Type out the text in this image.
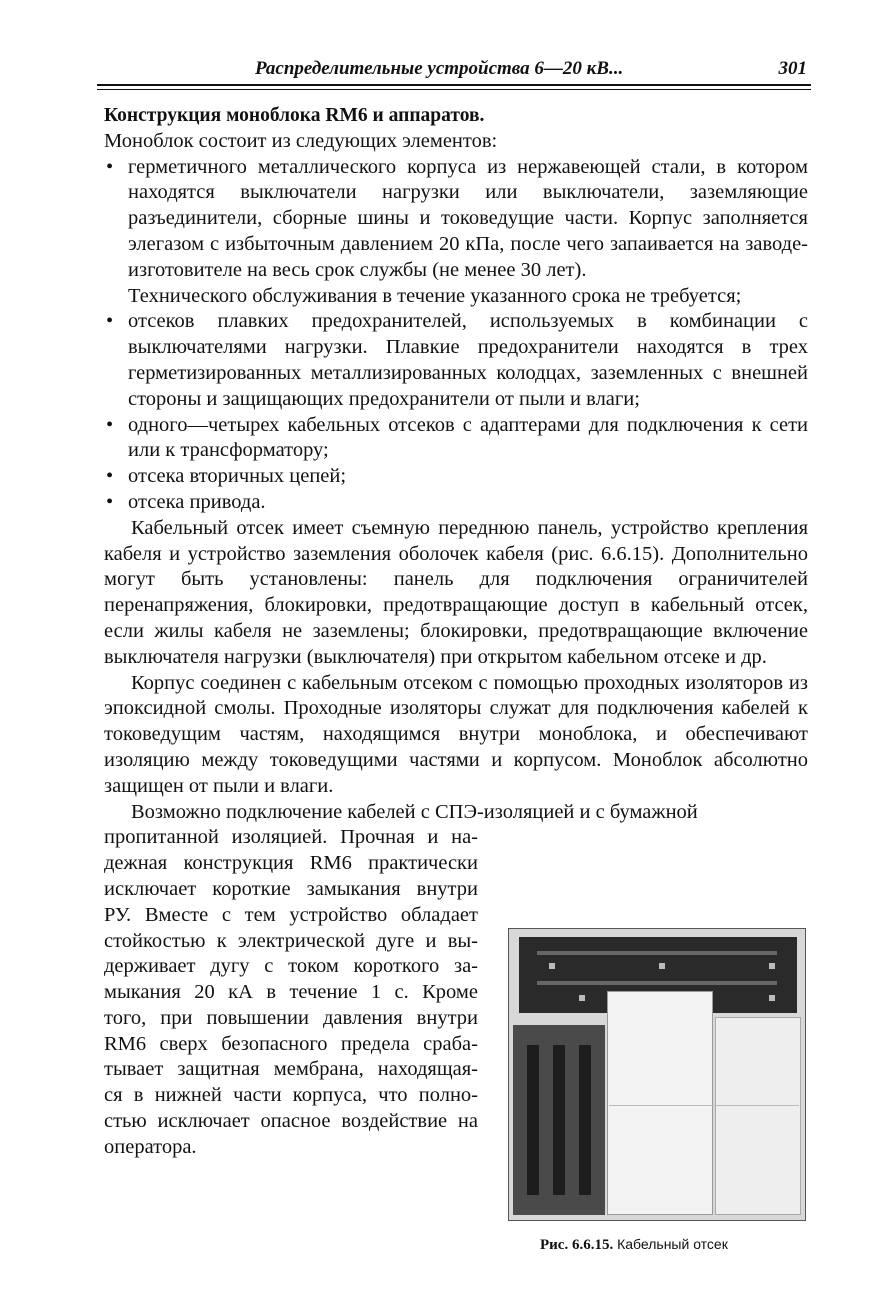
Распределительные устройства 6—20 кВ...	301

Конструкция моноблока RM6 и аппаратов.

Моноблок состоит из следующих элементов:

• герметичного металлического корпуса из нержавеющей стали, в котором находятся выключатели нагрузки или выключатели, заземляющие разъединители, сборные шины и токоведущие части. Корпус заполняется элегазом с избыточным давлением 20 кПа, после чего запаивается на заводе-изготовителе на весь срок службы (не менее 30 лет).

Технического обслуживания в течение указанного срока не требуется;

• отсеков плавких предохранителей, используемых в комбинации с выключателями нагрузки. Плавкие предохранители находятся в трех герметизированных металлизированных колодцах, заземленных с внешней стороны и защищающих предохранители от пыли и влаги;
• одного—четырех кабельных отсеков с адаптерами для подключения к сети или к трансформатору;
• отсека вторичных цепей;
• отсека привода.

Кабельный отсек имеет съемную переднюю панель, устройство крепления кабеля и устройство заземления оболочек кабеля (рис. 6.6.15). Дополнительно могут быть установлены: панель для подключения ограничителей перенапряжения, блокировки, предотвращающие доступ в кабельный отсек, если жилы кабеля не заземлены; блокировки, предотвращающие включение выключателя нагрузки (выключателя) при открытом кабельном отсеке и др.

Корпус соединен с кабельным отсеком с помощью проходных изоляторов из эпоксидной смолы. Проходные изоляторы служат для подключения кабелей к токоведущим частям, находящимся внутри моноблока, и обеспечивают изоляцию между токоведущими частями и корпусом. Моноблок абсолютно защищен от пыли и влаги.

Возможно подключение кабелей с СПЭ-изоляцией и с бумажной

пропитанной изоляцией. Прочная и на-
дежная конструкция RM6 практически
исключает короткие замыкания внутри
РУ. Вместе с тем устройство обладает
стойкостью к электрической дуге и вы-
держивает дугу с током короткого за-
мыкания 20 кА в течение 1 с. Кроме
того, при повышении давления внутри
RM6 сверх безопасного предела сраба-
тывает защитная мембрана, находящая-
ся в нижней части корпуса, что полно-
стью исключает опасное воздействие на
оператора.
Рис. 6.6.15. Кабельный отсек
